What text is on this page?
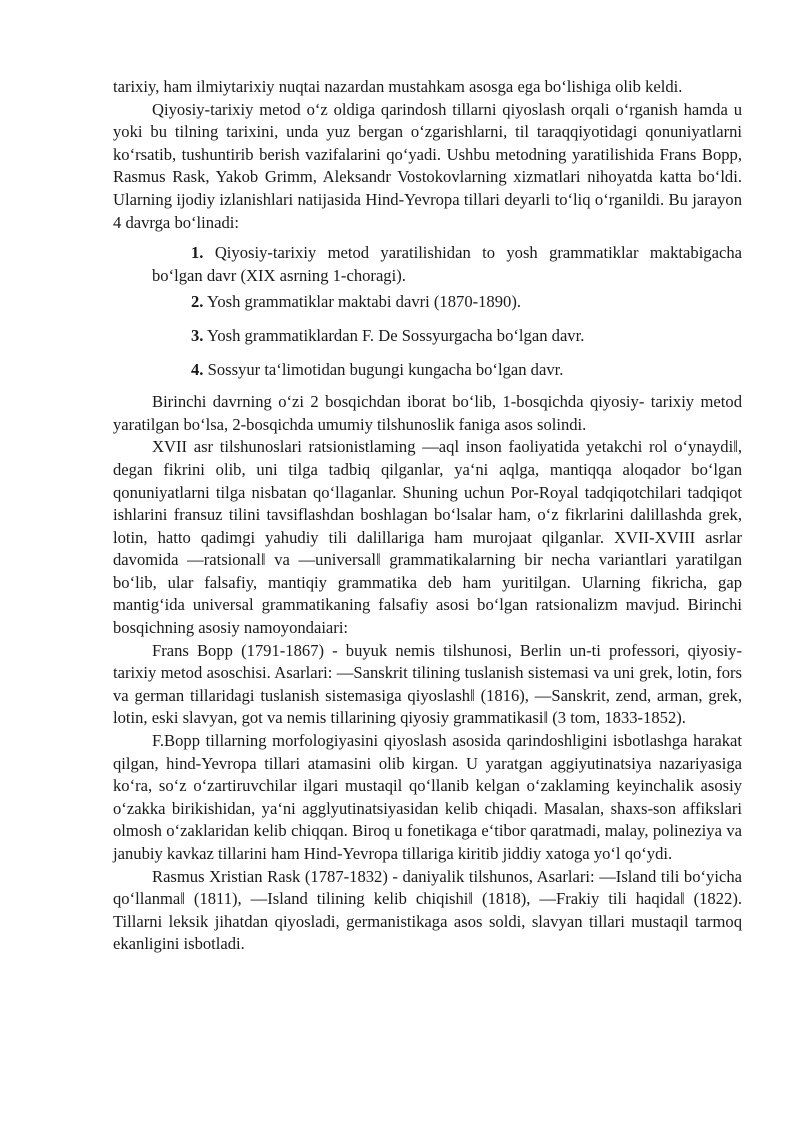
tarixiy, ham ilmiytarixiy nuqtai nazardan mustahkam asosga ega bo‘lishiga olib keldi.

Qiyosiy-tarixiy metod o‘z oldiga qarindosh tillarni qiyoslash orqali o‘rganish hamda u yoki bu tilning tarixini, unda yuz bergan o‘zgarishlarni, til taraqqiyotidagi qonuniyatlarni ko‘rsatib, tushuntirib berish vazifalarini qo‘yadi. Ushbu metodning yaratilishida Frans Bopp, Rasmus Rask, Yakob Grimm, Aleksandr Vostokovlarning xizmatlari nihoyatda katta bo‘ldi. Ularning ijodiy izlanishlari natijasida Hind-Yevropa tillari deyarli to‘liq o‘rganildi. Bu jarayon 4 davrga bo‘linadi:

1. Qiyosiy-tarixiy metod yaratilishidan to yosh grammatiklar maktabigacha bo‘lgan davr (XIX asrning 1-choragi).

2. Yosh grammatiklar maktabi davri (1870-1890).

3. Yosh grammatiklardan F. De Sossyurgacha bo‘lgan davr.

4. Sossyur ta‘limotidan bugungi kungacha bo‘lgan davr.

Birinchi davrning o‘zi 2 bosqichdan iborat bo‘lib, 1-bosqichda qiyosiy- tarixiy metod yaratilgan bo‘lsa, 2-bosqichda umumiy tilshunoslik faniga asos solindi.

XVII asr tilshunoslari ratsionistlaming ―aql inson faoliyatida yetakchi rol o‘ynaydi‖, degan fikrini olib, uni tilga tadbiq qilganlar, ya‘ni aqlga, mantiqqa aloqador bo‘lgan qonuniyatlarni tilga nisbatan qo‘llaganlar. Shuning uchun Por-Royal tadqiqotchilari tadqiqot ishlarini fransuz tilini tavsiflashdan boshlagan bo‘lsalar ham, o‘z fikrlarini dalillashda grek, lotin, hatto qadimgi yahudiy tili dalillariga ham murojaat qilganlar. XVII-XVIII asrlar davomida ―ratsional‖ va ―universal‖ grammatikalarning bir necha variantlari yaratilgan bo‘lib, ular falsafiy, mantiqiy grammatika deb ham yuritilgan. Ularning fikricha, gap mantig‘ida universal grammatikaning falsafiy asosi bo‘lgan ratsionalizm mavjud. Birinchi bosqichning asosiy namoyondaiari:

Frans Bopp (1791-1867) - buyuk nemis tilshunosi, Berlin un-ti professori, qiyosiy-tarixiy metod asoschisi. Asarlari: ―Sanskrit tilining tuslanish sistemasi va uni grek, lotin, fors va german tillaridagi tuslanish sistemasiga qiyoslash‖ (1816), ―Sanskrit, zend, arman, grek, lotin, eski slavyan, got va nemis tillarining qiyosiy grammatikasi‖ (3 tom, 1833-1852).

F.Bopp tillarning morfologiyasini qiyoslash asosida qarindoshligini isbotlashga harakat qilgan, hind-Yevropa tillari atamasini olib kirgan. U yaratgan aggiyutinatsiya nazariyasiga ko‘ra, so‘z o‘zartiruvchilar ilgari mustaqil qo‘llanib kelgan o‘zaklaming keyinchalik asosiy o‘zakka birikishidan, ya‘ni agglyutinatsiyasidan kelib chiqadi. Masalan, shaxs-son affikslari olmosh o‘zaklaridan kelib chiqqan. Biroq u fonetikaga e‘tibor qaratmadi, malay, polineziya va janubiy kavkaz tillarini ham Hind-Yevropa tillariga kiritib jiddiy xatoga yo‘l qo‘ydi.

Rasmus Xristian Rask (1787-1832) - daniyalik tilshunos, Asarlari: ―Island tili bo‘yicha qo‘llanma‖ (1811), ―Island tilining kelib chiqishi‖ (1818), ―Frakiy tili haqida‖ (1822). Tillarni leksik jihatdan qiyosladi, germanistikaga asos soldi, slavyan tillari mustaqil tarmoq ekanligini isbotladi.
